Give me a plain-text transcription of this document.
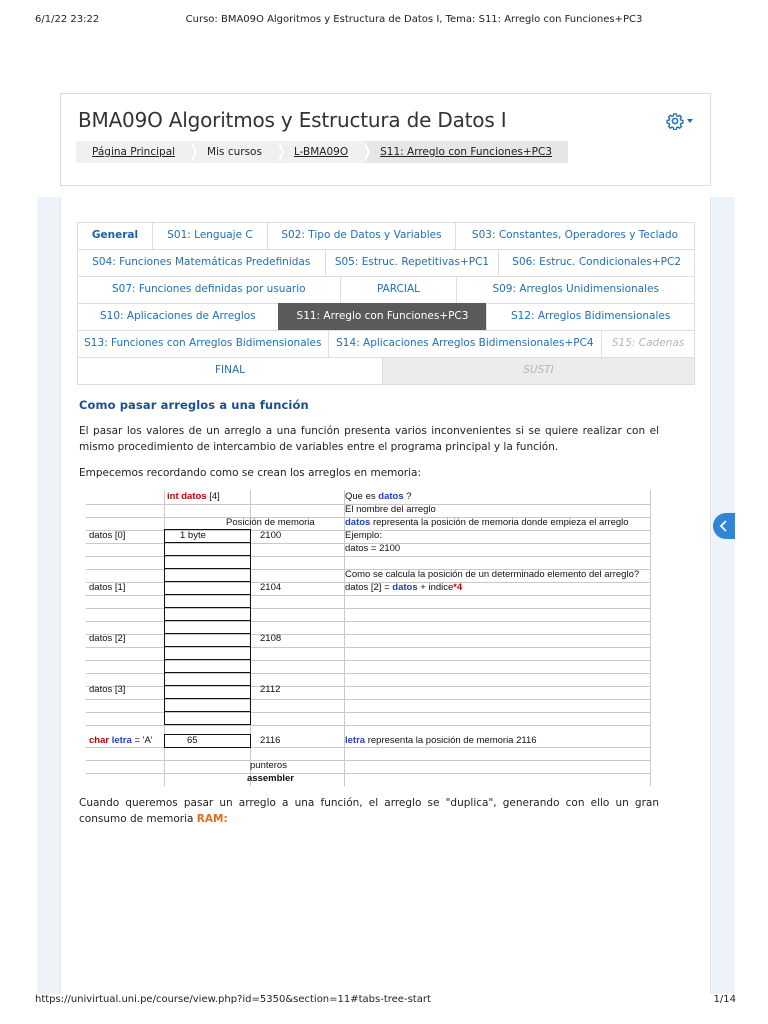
6/1/22 23:22	Curso: BMA09O Algoritmos y Estructura de Datos I, Tema: S11: Arreglo con Funciones+PC3
BMA09O Algoritmos y Estructura de Datos I
Página Principal	Mis cursos	L-BMA09O	S11: Arreglo con Funciones+PC3
General	S01: Lenguaje C	S02: Tipo de Datos y Variables	S03: Constantes, Operadores y Teclado
S04: Funciones Matemáticas Predefinidas	S05: Estruc. Repetitivas+PC1	S06: Estruc. Condicionales+PC2
S07: Funciones definidas por usuario	PARCIAL	S09: Arreglos Unidimensionales
S10: Aplicaciones de Arreglos	S11: Arreglo con Funciones+PC3	S12: Arreglos Bidimensionales
S13: Funciones con Arreglos Bidimensionales	S14: Aplicaciones Arreglos Bidimensionales+PC4	S15: Cadenas
FINAL	SUSTI
Como pasar arreglos a una función

El pasar los valores de un arreglo a una función presenta varios inconvenientes si se quiere realizar con el mismo procedimiento de intercambio de variables entre el programa principal y la función.

Empecemos recordando como se crean los arreglos en memoria:

int datos [4]
Posición de memoria
datos [0]	1 byte	2100
datos [1]	2104
datos [2]	2108
datos [3]	2112
char letra = 'A'	65	2116
punteros
assembler
Que es datos ?
El nombre del arreglo
datos representa la posición de memoria donde empieza el arreglo
Ejemplo:
datos = 2100
Como se calcula la posición de un determinado elemento del arreglo?
datos [2] = datos + indice*4
letra representa la posición de memoria 2116

Cuando queremos pasar un arreglo a una función, el arreglo se "duplica", generando con ello un gran consumo de memoria RAM:

https://univirtual.uni.pe/course/view.php?id=5350&section=11#tabs-tree-start	1/14
